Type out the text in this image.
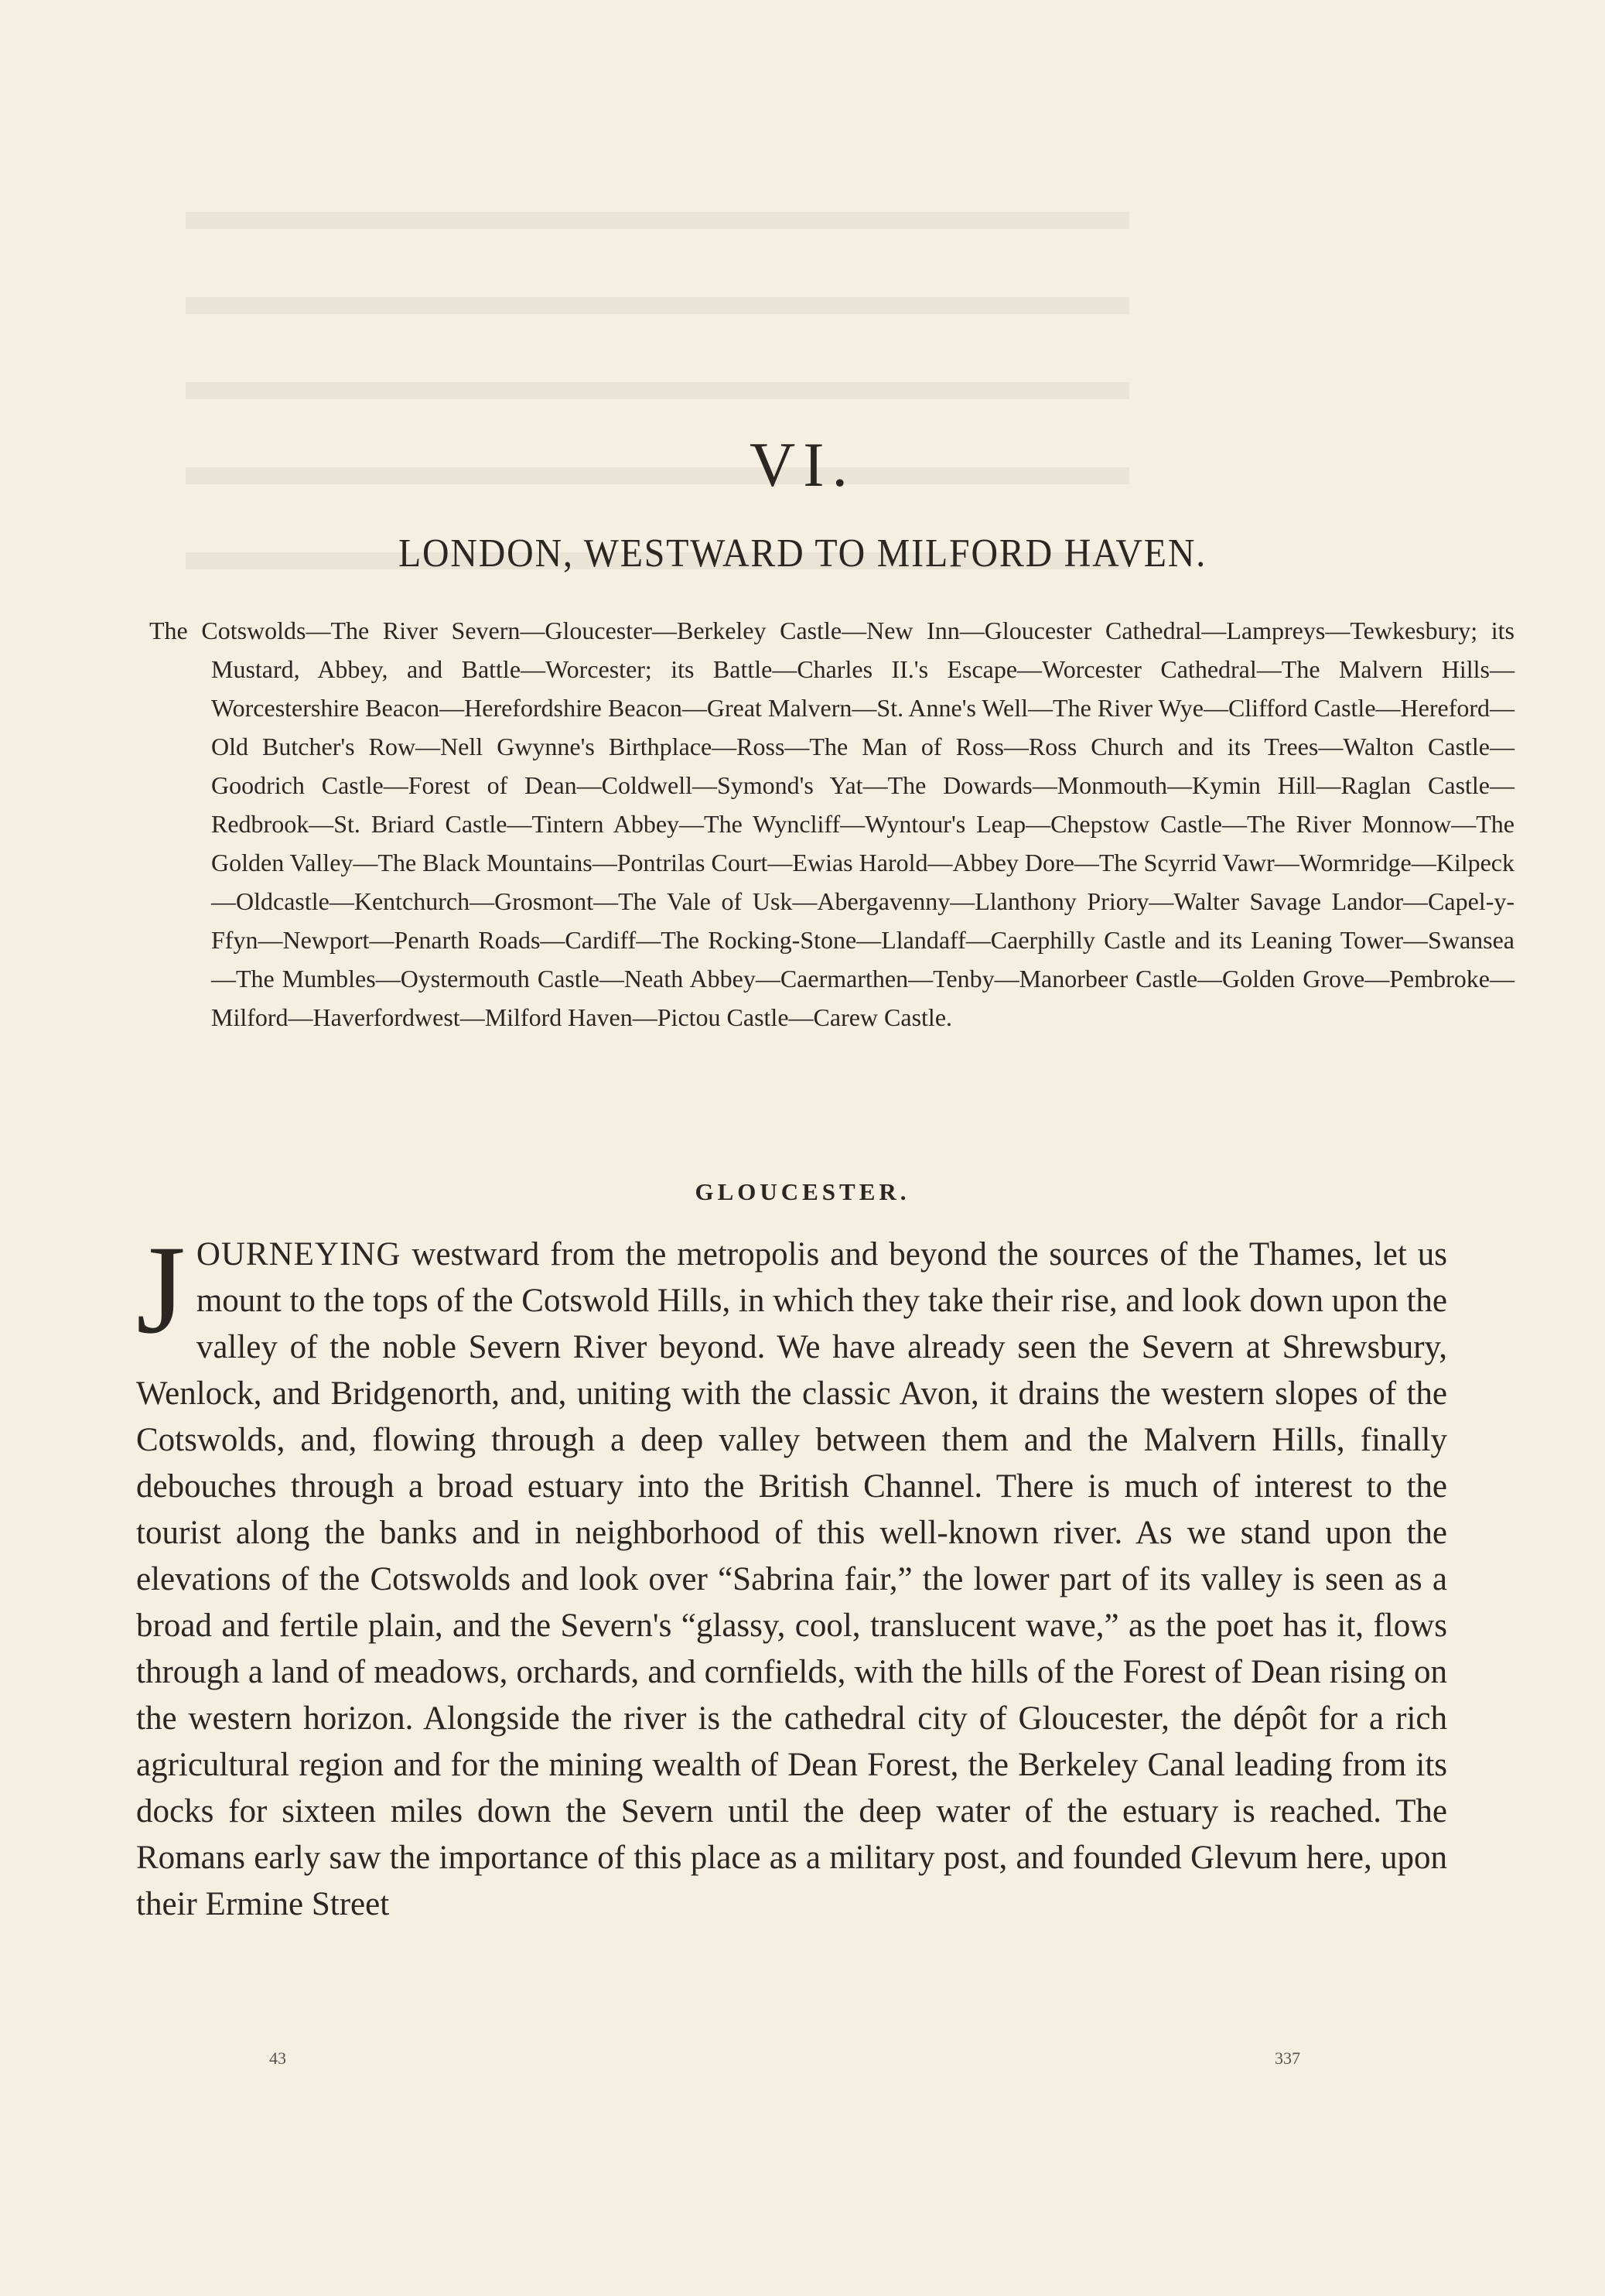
VI.
LONDON, WESTWARD TO MILFORD HAVEN.

The Cotswolds—The River Severn—Gloucester—Berkeley Castle—New Inn—Gloucester Cathedral—Lampreys—Tewkesbury; its Mustard, Abbey, and Battle—Worcester; its Battle—Charles II.'s Escape—Worcester Cathedral—The Malvern Hills—Worcestershire Beacon—Herefordshire Beacon—Great Malvern—St. Anne's Well—The River Wye—Clifford Castle—Hereford—Old Butcher's Row—Nell Gwynne's Birthplace—Ross—The Man of Ross—Ross Church and its Trees—Walton Castle—Goodrich Castle—Forest of Dean—Coldwell—Symond's Yat—The Dowards—Monmouth—Kymin Hill—Raglan Castle—Redbrook—St. Briard Castle—Tintern Abbey—The Wyncliff—Wyntour's Leap—Chepstow Castle—The River Monnow—The Golden Valley—The Black Mountains—Pontrilas Court—Ewias Harold—Abbey Dore—The Scyrrid Vawr—Wormridge—Kilpeck—Oldcastle—Kentchurch—Grosmont—The Vale of Usk—Abergavenny—Llanthony Priory—Walter Savage Landor—Capel-y-Ffyn—Newport—Penarth Roads—Cardiff—The Rocking-Stone—Llandaff—Caerphilly Castle and its Leaning Tower—Swansea—The Mumbles—Oystermouth Castle—Neath Abbey—Caermarthen—Tenby—Manorbeer Castle—Golden Grove—Pembroke—Milford—Haverfordwest—Milford Haven—Pictou Castle—Carew Castle.

GLOUCESTER.

JOURNEYING westward from the metropolis and beyond the sources of the Thames, let us mount to the tops of the Cotswold Hills, in which they take their rise, and look down upon the valley of the noble Severn River beyond. We have already seen the Severn at Shrewsbury, Wenlock, and Bridgenorth, and, uniting with the classic Avon, it drains the western slopes of the Cotswolds, and, flowing through a deep valley between them and the Malvern Hills, finally debouches through a broad estuary into the British Channel. There is much of interest to the tourist along the banks and in neighborhood of this well-known river. As we stand upon the elevations of the Cotswolds and look over “Sabrina fair,” the lower part of its valley is seen as a broad and fertile plain, and the Severn's “glassy, cool, translucent wave,” as the poet has it, flows through a land of meadows, orchards, and cornfields, with the hills of the Forest of Dean rising on the western horizon. Alongside the river is the cathedral city of Gloucester, the dépôt for a rich agricultural region and for the mining wealth of Dean Forest, the Berkeley Canal leading from its docks for sixteen miles down the Severn until the deep water of the estuary is reached. The Romans early saw the importance of this place as a military post, and founded Glevum here, upon their Ermine Street

43	337
